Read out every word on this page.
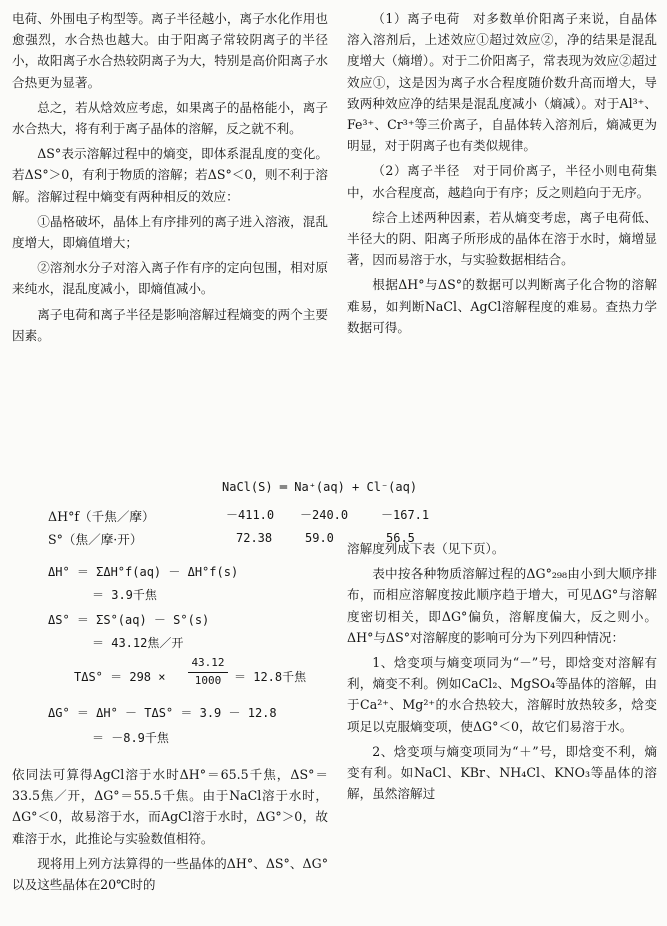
电荷、外围电子构型等。离子半径越小，离子水化作用也愈强烈，水合热也越大。由于阳离子常较阴离子的半径小，故阳离子水合热较阴离子为大，特别是高价阳离子水合热更为显著。

总之，若从焓效应考虑，如果离子的晶格能小，离子水合热大，将有利于离子晶体的溶解，反之就不利。

ΔS°表示溶解过程中的熵变，即体系混乱度的变化。若ΔS°＞0，有利于物质的溶解；若ΔS°＜0，则不利于溶解。溶解过程中熵变有两种相反的效应：

①晶格破坏，晶体上有序排列的离子进入溶液，混乱度增大，即熵值增大；

②溶剂水分子对溶入离子作有序的定向包围，相对原来纯水，混乱度减小，即熵值减小。

离子电荷和离子半径是影响溶解过程熵变的两个主要因素。

（1）离子电荷　对多数单价阳离子来说，自晶体溶入溶剂后，上述效应①超过效应②，净的结果是混乱度增大（熵增）。对于二价阳离子，常表现为效应②超过效应①，这是因为离子水合程度随价数升高而增大，导致两种效应净的结果是混乱度减小（熵减）。对于Al³⁺、Fe³⁺、Cr³⁺等三价离子，自晶体转入溶剂后，熵减更为明显，对于阴离子也有类似规律。

（2）离子半径　对于同价离子，半径小则电荷集中，水合程度高，越趋向于有序；反之则趋向于无序。

综合上述两种因素，若从熵变考虑，离子电荷低、半径大的阴、阳离子所形成的晶体在溶于水时，熵增显著，因而易溶于水，与实验数据相结合。

根据ΔH°与ΔS°的数据可以判断离子化合物的溶解难易，如判断NaCl、AgCl溶解程度的难易。查热力学数据可得。

NaCl(S) ═ Na⁺(aq) + Cl⁻(aq)
ΔH°f（千焦／摩）	－411.0 －240.0	－167.1
S°（焦／摩·开）	72.38	59.0	56.5
ΔH° ＝ ΣΔH°f(aq) － ΔH°f(s)
＝ 3.9千焦
ΔS° ＝ ΣS°(aq) － S°(s)
＝ 43.12焦／开
TΔS° ＝ 298 ×
43.12
1000	＝ 12.8千焦
ΔG° ＝ ΔH° － TΔS° ＝ 3.9 － 12.8
＝ －8.9千焦

溶解度列成下表（见下页）。

表中按各种物质溶解过程的ΔG°₂₉₈由小到大顺序排布，而相应溶解度按此顺序趋于增大，可见ΔG°与溶解度密切相关，即ΔG°偏负，溶解度偏大，反之则小。ΔH°与ΔS°对溶解度的影响可分为下列四种情况：

1、焓变项与熵变项同为“－”号，即焓变对溶解有利，熵变不利。例如CaCl₂、MgSO₄等晶体的溶解，由于Ca²⁺、Mg²⁺的水合热较大，溶解时放热较多，焓变项足以克服熵变项，使ΔG°＜0，故它们易溶于水。

2、焓变项与熵变项同为“＋”号，即焓变不利，熵变有利。如NaCl、KBr、NH₄Cl、KNO₃等晶体的溶解，虽然溶解过

依同法可算得AgCl溶于水时ΔH°＝65.5千焦，ΔS°＝33.5焦／开，ΔG°＝55.5千焦。由于NaCl溶于水时，ΔG°＜0，故易溶于水，而AgCl溶于水时，ΔG°＞0，故难溶于水，此推论与实验数值相符。

现将用上列方法算得的一些晶体的ΔH°、ΔS°、ΔG°以及这些晶体在20℃时的
